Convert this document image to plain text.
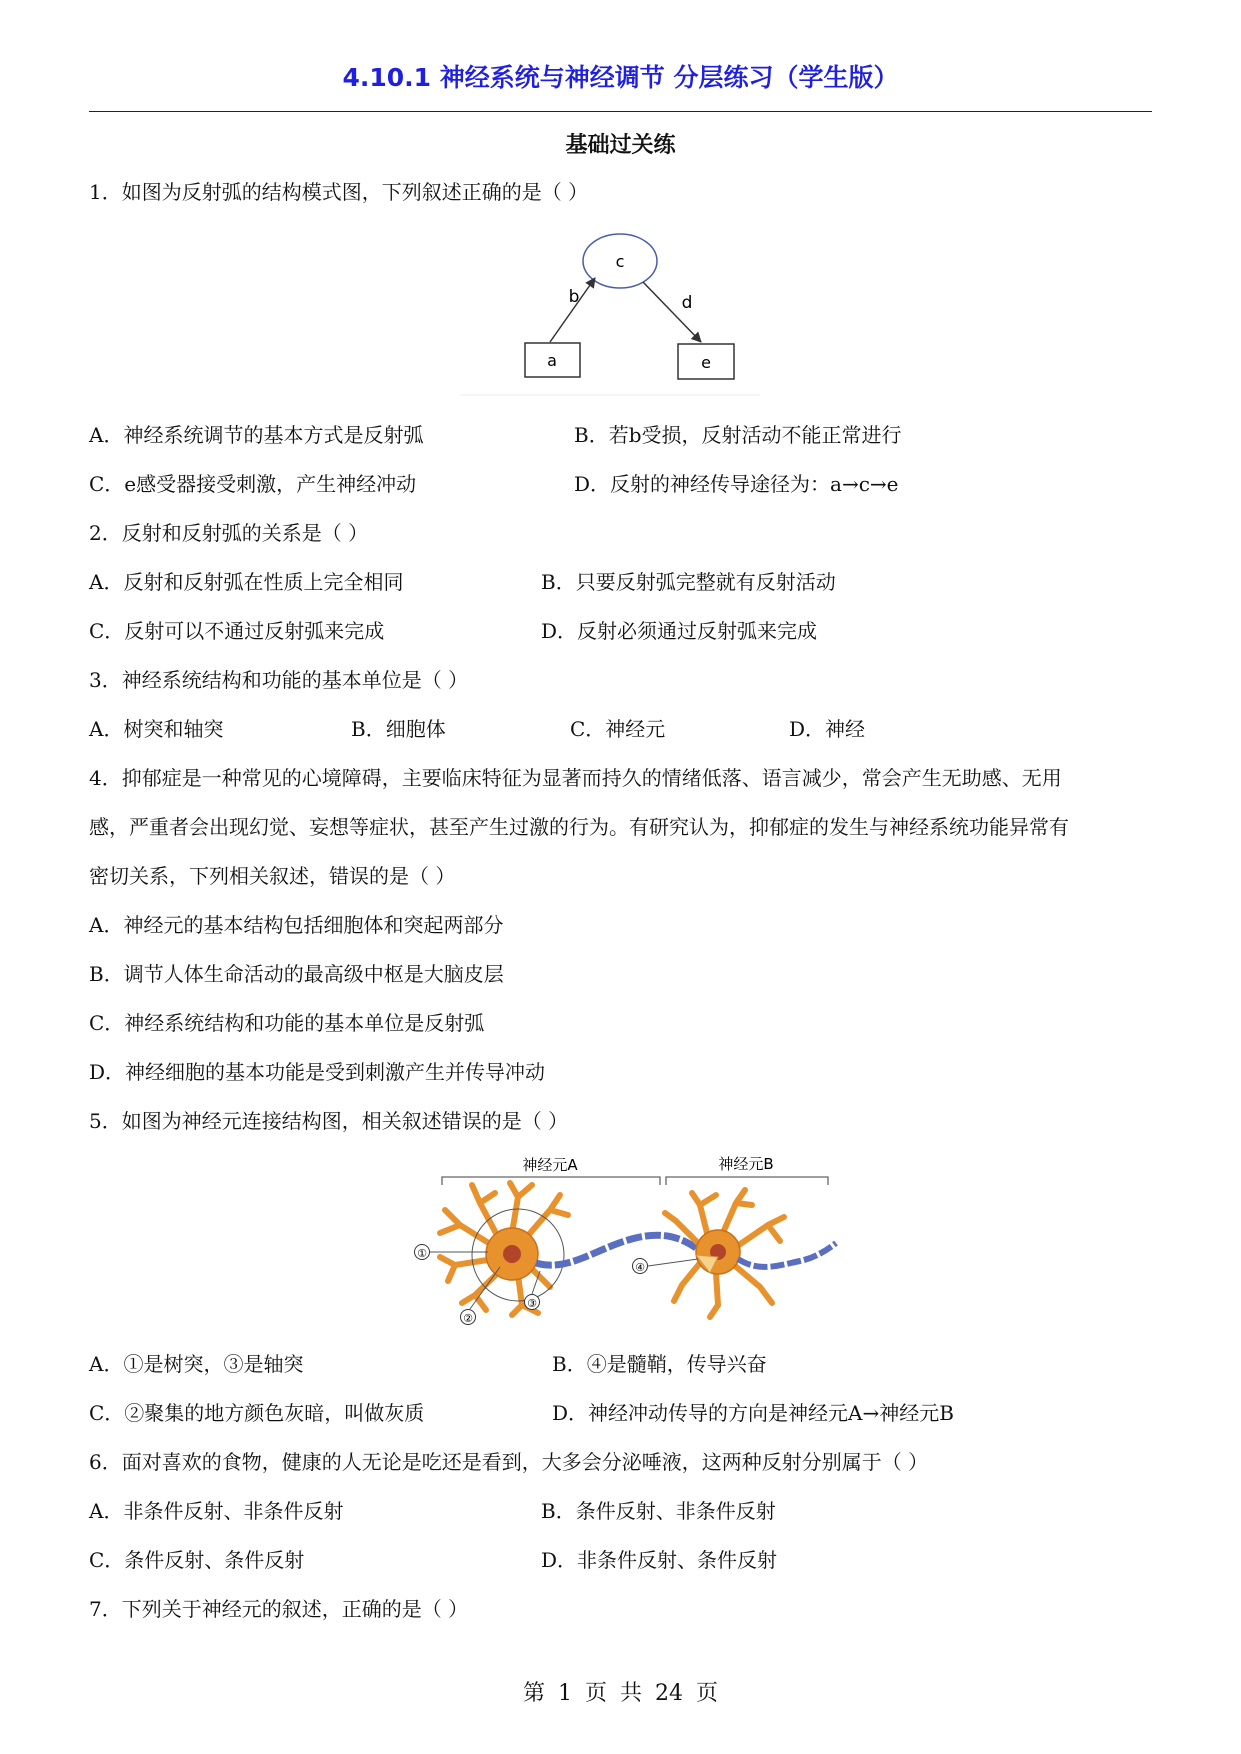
4.10.1 神经系统与神经调节 分层练习（学生版）
基础过关练
1．如图为反射弧的结构模式图，下列叙述正确的是（ ）
c
a	e
b	d
A．神经系统调节的基本方式是反射弧	B．若b受损，反射活动不能正常进行
C．e感受器接受刺激，产生神经冲动	D．反射的神经传导途径为：a→c→e
2．反射和反射弧的关系是（ ）
A．反射和反射弧在性质上完全相同	B．只要反射弧完整就有反射活动
C．反射可以不通过反射弧来完成	D．反射必须通过反射弧来完成
3．神经系统结构和功能的基本单位是（ ）
A．树突和轴突	B．细胞体	C．神经元	D．神经
4．抑郁症是一种常见的心境障碍，主要临床特征为显著而持久的情绪低落、语言减少，常会产生无助感、无用
感，严重者会出现幻觉、妄想等症状，甚至产生过激的行为。有研究认为，抑郁症的发生与神经系统功能异常有
密切关系，下列相关叙述，错误的是（ ）
A．神经元的基本结构包括细胞体和突起两部分
B．调节人体生命活动的最高级中枢是大脑皮层
C．神经系统结构和功能的基本单位是反射弧
D．神经细胞的基本功能是受到刺激产生并传导冲动
5．如图为神经元连接结构图，相关叙述错误的是（ ）
神经元A	神经元B
①
②
③
④
A．①是树突，③是轴突	B．④是髓鞘，传导兴奋
C．②聚集的地方颜色灰暗，叫做灰质	D．神经冲动传导的方向是神经元A→神经元B
6．面对喜欢的食物，健康的人无论是吃还是看到，大多会分泌唾液，这两种反射分别属于（ ）
A．非条件反射、非条件反射	B．条件反射、非条件反射
C．条件反射、条件反射	D．非条件反射、条件反射
7．下列关于神经元的叙述，正确的是（ ）
第 1 页 共 24 页
